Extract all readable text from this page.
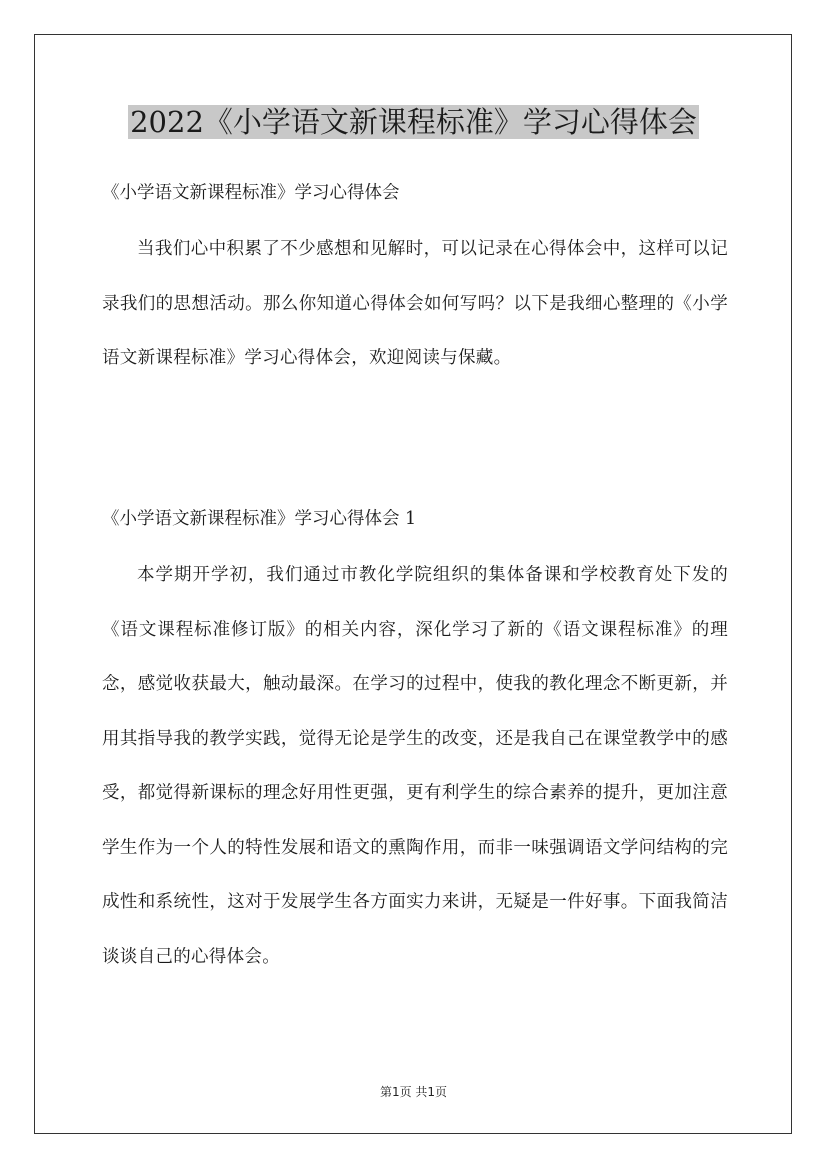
2022《小学语文新课程标准》学习心得体会

《小学语文新课程标准》学习心得体会

当我们心中积累了不少感想和见解时，可以记录在心得体会中，这样可以记录我们的思想活动。那么你知道心得体会如何写吗？以下是我细心整理的《小学语文新课程标准》学习心得体会，欢迎阅读与保藏。

《小学语文新课程标准》学习心得体会 1

本学期开学初，我们通过市教化学院组织的集体备课和学校教育处下发的《语文课程标准修订版》的相关内容，深化学习了新的《语文课程标准》的理念，感觉收获最大，触动最深。在学习的过程中，使我的教化理念不断更新，并用其指导我的教学实践，觉得无论是学生的改变，还是我自己在课堂教学中的感受，都觉得新课标的理念好用性更强，更有利学生的综合素养的提升，更加注意学生作为一个人的特性发展和语文的熏陶作用，而非一味强调语文学问结构的完成性和系统性，这对于发展学生各方面实力来讲，无疑是一件好事。下面我简洁谈谈自己的心得体会。

第1页 共1页
